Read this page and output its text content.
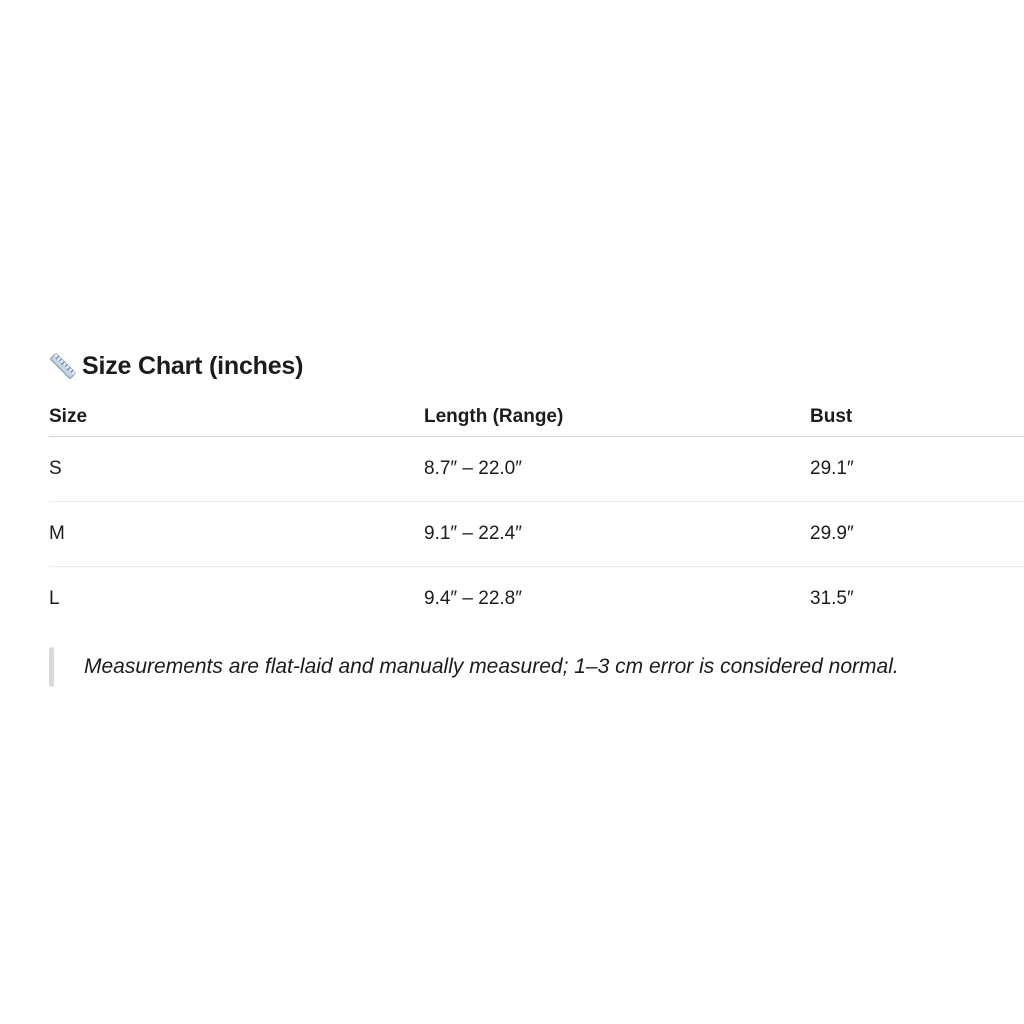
Size Chart (inches)
Size	Length (Range)	Bust
S	8.7″ – 22.0″	29.1″
M	9.1″ – 22.4″	29.9″
L	9.4″ – 22.8″	31.5″
Measurements are flat-laid and manually measured; 1–3 cm error is considered normal.
